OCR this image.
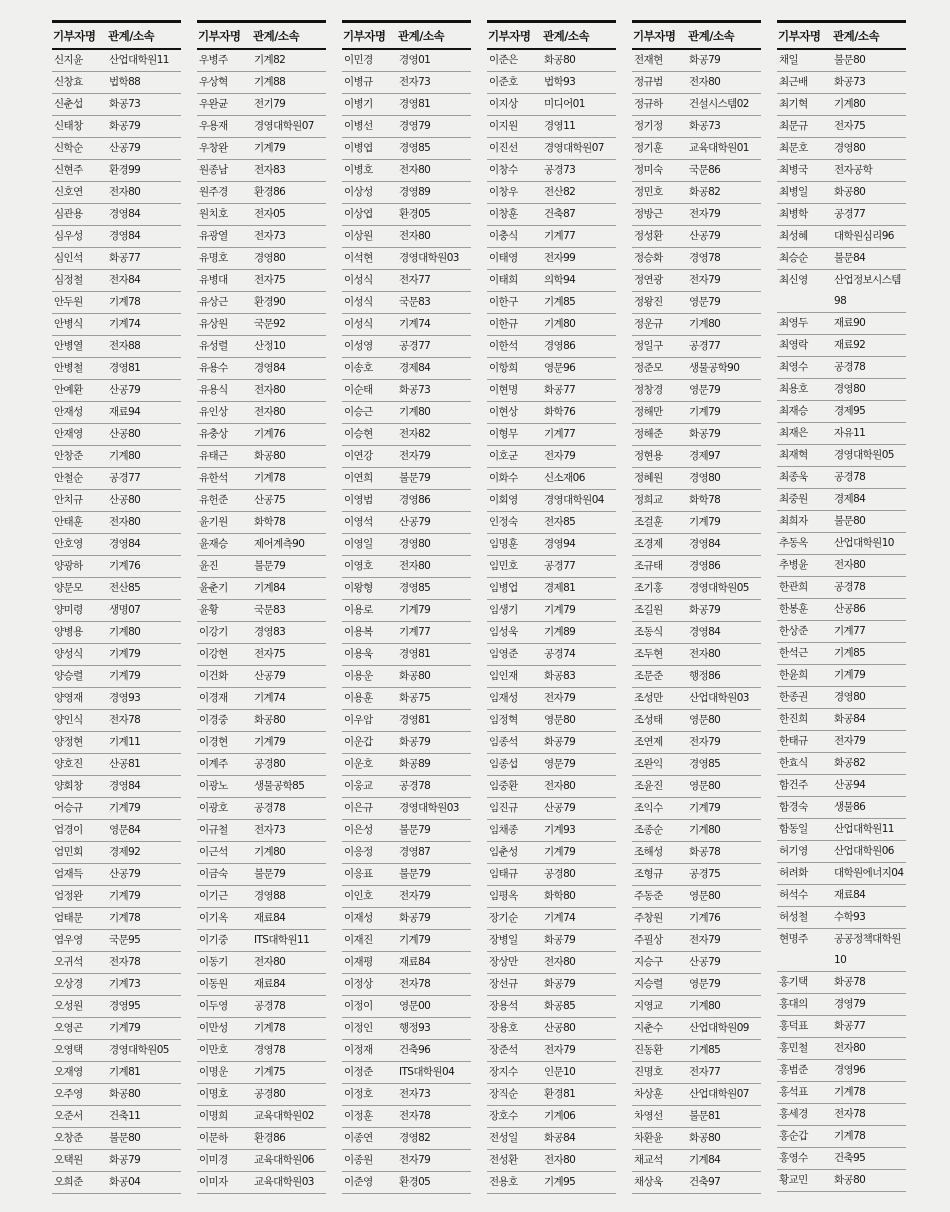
기부자명	관계/소속
신지윤	산업대학원11
신창효	법학88
신춘섭	화공73
신태창	화공79
신학순	산공79
신현주	환경99
신호연	전자80
심관용	경영84
심우성	경영84
심인석	화공77
심정철	전자84
안두원	기계78
안병식	기계74
안병열	전자88
안병철	경영81
안예환	산공79
안재성	재료94
안재영	산공80
안창준	기계80
안철순	공경77
안치규	산공80
안태훈	전자80
안호영	경영84
양광하	기계76
양문모	전산85
양미령	생명07
양병용	기계80
양성식	기계79
양승렬	기계79
양영재	경영93
양인식	전자78
양정현	기계11
양호진	산공81
양회창	경영84
어승규	기계79
엄경이	영문84
엄민회	경제92
엄재득	산공79
엄정완	기계79
엄태문	기계78
염우영	국문95
오귀석	전자78
오상경	기계73
오성원	경영95
오영곤	기계79
오영택	경영대학원05
오재영	기계81
오주영	화공80
오준서	건축11
오창준	불문80
오택원	화공79
오희준	화공04
기부자명	관계/소속
우병주	기계82
우상혁	기계88
우완균	전기79
우용재	경영대학원07
우창완	기계79
원종남	전자83
원주경	환경86
원치호	전자05
유광열	전자73
유명호	경영80
유병대	전자75
유상근	환경90
유상원	국문92
유성렬	산정10
유용수	경영84
유용식	전자80
유인상	전자80
유충상	기계76
유태근	화공80
유한석	기계78
유헌준	산공75
윤기원	화학78
윤재승	제어계측90
윤진	불문79
윤춘기	기계84
윤황	국문83
이강기	경영83
이강현	전자75
이건화	산공79
이경재	기계74
이경중	화공80
이경현	기계79
이계주	공경80
이광노	생물공학85
이광호	공경78
이규철	전자73
이근석	기계80
이금숙	불문79
이기근	경영88
이기옥	재료84
이기중	ITS대학원11
이동기	전자80
이동원	재료84
이두영	공경78
이만성	기계78
이만호	경영78
이명운	기계75
이명호	공경80
이명희	교육대학원02
이문하	환경86
이미경	교육대학원06
이미자	교육대학원03
기부자명	관계/소속
이민경	경영01
이병규	전자73
이병기	경영81
이병선	경영79
이병엽	경영85
이병호	전자80
이상성	경영89
이상엽	환경05
이상원	전자80
이석현	경영대학원03
이성식	전자77
이성식	국문83
이성식	기계74
이성영	공경77
이송호	경제84
이순태	화공73
이승근	기계80
이승현	전자82
이연강	전자79
이연희	불문79
이영범	경영86
이영석	산공79
이영일	경영80
이영호	전자80
이왕형	경영85
이용로	기계79
이용복	기계77
이용욱	경영81
이용운	화공80
이용훈	화공75
이우암	경영81
이운갑	화공79
이운호	화공89
이웅교	공경78
이은규	경영대학원03
이은성	불문79
이응정	경영87
이응표	불문79
이인호	전자79
이재성	화공79
이재진	기계79
이재평	재료84
이정상	전자78
이정이	영문00
이정인	행정93
이정재	건축96
이정준	ITS대학원04
이정호	전자73
이정훈	전자78
이종연	경영82
이종원	전자79
이준영	환경05
기부자명	관계/소속
이준은	화공80
이준호	법학93
이지상	미디어01
이지원	경영11
이진선	경영대학원07
이창수	공경73
이창우	전산82
이창훈	건축87
이충식	기계77
이태영	전자99
이태희	의학94
이한구	기계85
이한규	기계80
이한석	경영86
이항희	영문96
이현명	화공77
이현상	화학76
이형무	기계77
이호군	전자79
이화수	신소재06
이회영	경영대학원04
인정숙	전자85
임명훈	경영94
임민호	공경77
임병업	경제81
임생기	기계79
임성욱	기계89
임영준	공경74
임인재	화공83
임재성	전자79
임정혁	영문80
임종석	화공79
임종섭	영문79
임중환	전자80
임진규	산공79
임채종	기계93
임춘성	기계79
임태규	공경80
임평옥	화학80
장기순	기계74
장병일	화공79
장상만	전자80
장선규	화공79
장용석	화공85
장용호	산공80
장준석	전자79
장지수	인문10
장직순	환경81
장호수	기계06
전성일	화공84
전성환	전자80
전용호	기계95
기부자명	관계/소속
전재현	화공79
정규범	전자80
정규하	건설시스템02
정기정	화공73
정기훈	교육대학원01
정미숙	국문86
정민호	화공82
정방근	전자79
정성환	산공79
정승화	경영78
정연광	전자79
정왕진	영문79
정운규	기계80
정일구	공경77
정준모	생물공학90
정창경	영문79
정해만	기계79
정해준	화공79
정현용	경제97
정혜원	경영80
정희교	화학78
조걸훈	기계79
조경제	경영84
조규태	경영86
조기홍	경영대학원05
조길원	화공79
조동식	경영84
조두현	전자80
조문준	행정86
조성만	산업대학원03
조성태	영문80
조연제	전자79
조완익	경영85
조윤진	영문80
조익수	기계79
조종순	기계80
조해성	화공78
조형규	공경75
주동준	영문80
주창원	기계76
주필상	전자79
지승구	산공79
지승렬	영문79
지영교	기계80
지춘수	산업대학원09
진동환	기계85
진명호	전자77
차상훈	산업대학원07
차영선	불문81
차환윤	화공80
채교석	기계84
채상욱	건축97
기부자명	관계/소속
채일	불문80
최근배	화공73
최기혁	기계80
최문규	전자75
최문호	경영80
최병국	전자공학
최병일	화공80
최병학	공경77
최성혜	대학원심리96
최승순	불문84
최신영	산업정보시스템98
최영두	재료90
최영락	재료92
최영수	공경78
최용호	경영80
최재승	경제95
최재은	자유11
최재혁	경영대학원05
최종욱	공경78
최중원	경제84
최희자	불문80
추동옥	산업대학원10
추병윤	전자80
한관희	공경78
한봉훈	산공86
한상준	기계77
한석근	기계85
한윤희	기계79
한종권	경영80
한진희	화공84
한태규	전자79
한효식	화공82
함건주	산공94
함경숙	생물86
함동일	산업대학원11
허기영	산업대학원06
허려화	대학원에너지04
허석수	재료84
허성철	수학93
현명주	공공정책대학원10
홍기택	화공78
홍대의	경영79
홍덕표	화공77
홍민철	전자80
홍범준	경영96
홍석표	기계78
홍세경	전자78
홍순갑	기계78
홍영수	건축95
황교민	화공80
